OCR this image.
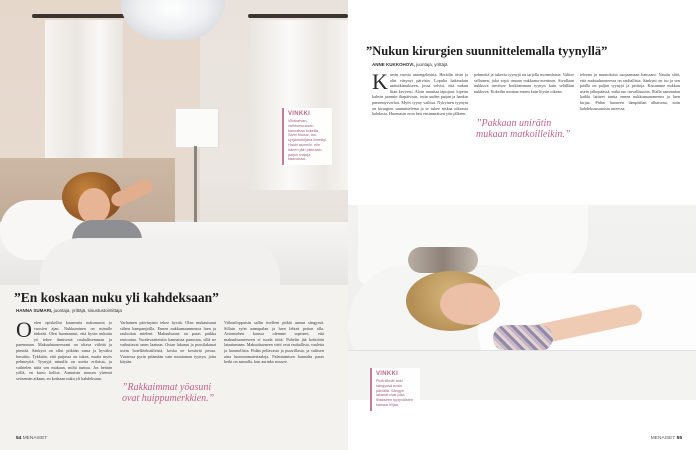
VINKKI
Villakarvan-vaihtomuuksen kannattaa kokeilla Sami Moisio, lan-syrjäntutkijana ilmestyi. Hauki asumiin, niin hänen jäin pikkutalo paljon majoja kaavoissa.
”En koskaan nuku yli kahdeksaan”
HANNA SUMARI, juontaja, yrittäjä, sisustustoimittaja
Oolen opiskellut kauneutta nukumusta jo vuosien ajan. Nukkuminen on minulle tärkeää. Olen huomannut, että hyvin nukuttu yö tekee ihmisestä rauhallisemman ja paremman. Makuuhuoneessani on oltava viileää ja pimeää. Sänkyni on ollut pitkään sama ja hyväksi havaittu. Tykkään, että patjassa on tukea, mutta myös pehmeyttä. Tyynyjä minulla on useita erilaisia, ja vaihtelen niitä sen mukaan, miltä tuntuu. Jos herään yöllä, en katso kelloa. Aamuisin nousen yleensä seitsemän aikaan, en koskaan nuku yli kahdeksaan.
Varhainen päivärytmi tekee hyvää. Olen mukautunut siihen kampanjoilla. Ennen nukkumaanmenoa luen ja rauhoitan mieleni. Makuuhuone on paras paikka rentoutua. Vuodevaatteisiin kannattaa panostaa, sillä ne vaikuttavat unen laatuun. Ostan lakanat ja pussilakanat usein hotellitekstiileistä, koska ne kestävät pesua. Vuotessa pyrin pitämään vain muutaman tyynyn, joita käytän.
”Rakkaimmat yöasuni ovat huippumerkkien.”
Viikonloppuisin sallin itselleni pitkät aamut sängyssä. Silloin syön aamupalan ja luen lehteä peiton alla. Aviomiehen kanssa olemme sopineet, että makuuhuoneeseen ei tuoda töitä. Puhelin jää keittiöön latautumaan. Makuuhuoneen värit ovat rauhallisia, vaaleita ja luonnollisia. Pidän pellavasta ja puuvillasta, ja valitsen aina luonnonmateriaaleja. Palautumisen kannalta paras hetki on aamulla, kun aurinko nousee.
54 MENAISET
”Nukun kirurgien suunnittelemalla tyynyllä”
ANNE KUKKOHOVI, juontaja, yrittäjä
Kärsin vuosia uniongelmista. Heräilin öisin ja olin väsynyt päivisin. Lopulta hakeuduin unitutkimukseen, jossa selvisi, että nukun liian kevyesti. Aloin muuttaa tapojani: lopetin kahvin juonnin iltapäivisin, ostin uuden patjan ja hankin pimennysverhot. Myös tyyny vaihtui. Nykyinen tyynyni on kirurgien suunnittelema ja se tukee niskaa oikeasta kohdasta. Huomasin eron heti ensimmäisen yön jälkeen.
pehmeitä ja tukevia tyynyjä on tarjolla monenlaisia. Valitse sellainen, joka sopii omaan nukkuma-asentoon. Sivullaan nukkuva tarvitsee korkeamman tyynyn kuin selällään nukkuva. Kokeilin montaa ennen kuin löysin oikean.
”Pakkaan unirätin mukaan matkoilleikin.”
teleena ja muutoksiin suojaamaan kanssani. Nautin siitä, että makuuhuoneessa on rauhallista. Sänkyni on iso ja sen päällä on paljon tyynyjä ja peittoja. Kissamme nukkuu usein jalkopäässä, mikä tuo turvallisuutta. Illalla sammutan kaikki laitteet tuntia ennen nukkumaanmenoa ja luen kirjaa. Pidän huoneen lämpötilan alhaisena, noin kahdeksassatoista asteessa.
VINKKI
Pidä silmät auki sängyssä ensin päivällä. Sängyn lakanat ovat joka lihakseen tyytyväisten kanssa hiljaa.
MENAISET 55
